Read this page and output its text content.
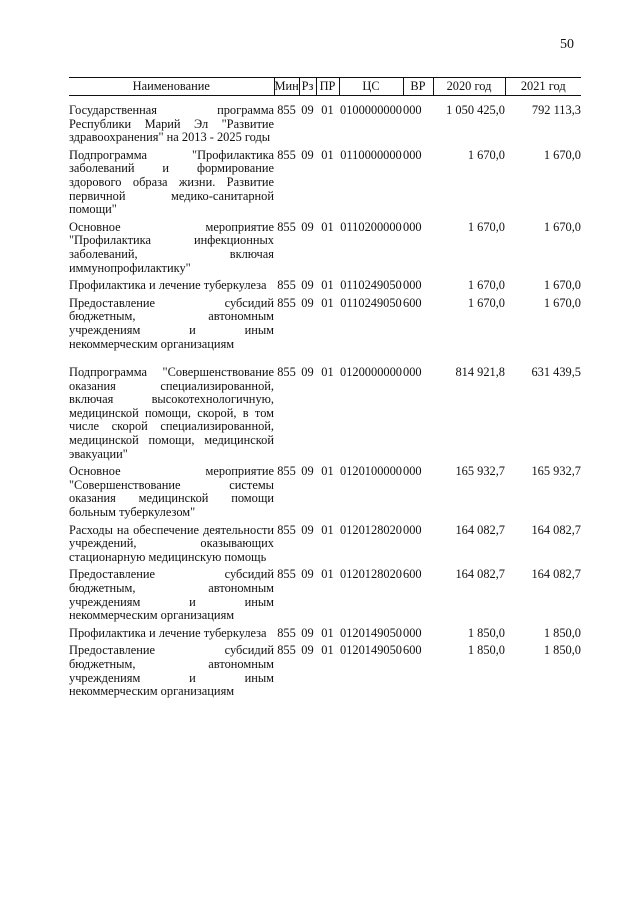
50
Наименование	Мин	Рз	ПР	ЦС	ВР	2020 год	2021 год
Государственная программа Республики Марий Эл "Развитие здравоохранения" на 2013 - 2025 годы	855	09	01	0100000000	000	1 050 425,0	792 113,3
Подпрограмма "Профилактика заболеваний и формирование здорового образа жизни. Развитие первичной медико-санитарной помощи"	855	09	01	0110000000	000	1 670,0	1 670,0
Основное мероприятие "Профилактика инфекционных заболеваний, включая иммунопрофилактику"	855	09	01	0110200000	000	1 670,0	1 670,0
Профилактика и лечение туберкулеза	855	09	01	0110249050	000	1 670,0	1 670,0
Предоставление субсидий бюджетным, автономным учреждениям и иным некоммерческим организациям	855	09	01	0110249050	600	1 670,0	1 670,0
Подпрограмма "Совершенствование оказания специализированной, включая высокотехнологичную, медицинской помощи, скорой, в том числе скорой специализированной, медицинской помощи, медицинской эвакуации"	855	09	01	0120000000	000	814 921,8	631 439,5
Основное мероприятие "Совершенствование системы оказания медицинской помощи больным туберкулезом"	855	09	01	0120100000	000	165 932,7	165 932,7
Расходы на обеспечение деятельности учреждений, оказывающих стационарную медицинскую помощь	855	09	01	0120128020	000	164 082,7	164 082,7
Предоставление субсидий бюджетным, автономным учреждениям и иным некоммерческим организациям	855	09	01	0120128020	600	164 082,7	164 082,7
Профилактика и лечение туберкулеза	855	09	01	0120149050	000	1 850,0	1 850,0
Предоставление субсидий бюджетным, автономным учреждениям и иным некоммерческим организациям	855	09	01	0120149050	600	1 850,0	1 850,0
